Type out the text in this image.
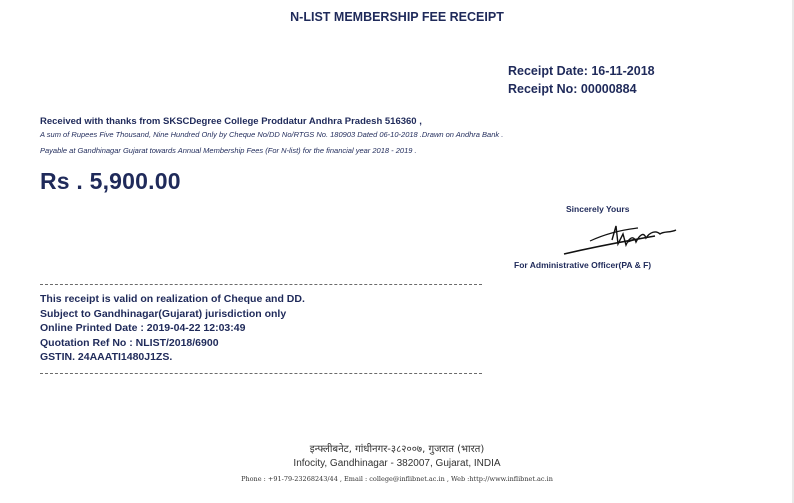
N-LIST MEMBERSHIP FEE RECEIPT
Receipt Date: 16-11-2018
Receipt No: 00000884
Received with thanks from SKSCDegree College Proddatur Andhra Pradesh 516360 ,
A sum of Rupees Five Thousand, Nine Hundred Only by Cheque No/DD No/RTGS No. 180903 Dated 06-10-2018 .Drawn on Andhra Bank .
Payable at Gandhinagar Gujarat towards Annual Membership Fees (For N-list) for the financial year 2018 - 2019 .
Rs . 5,900.00
Sincerely Yours
For Administrative Officer(PA & F)
This receipt is valid on realization of Cheque and DD.
Subject to Gandhinagar(Gujarat) jurisdiction only
Online Printed Date : 2019-04-22 12:03:49
Quotation Ref No : NLIST/2018/6900
GSTIN. 24AAATI1480J1ZS.
इन्फ्लीबनेट, गांधीनगर-३८२००७, गुजरात (भारत)
Infocity, Gandhinagar - 382007, Gujarat, INDIA
Phone : +91-79-23268243/44 , Email : college@inflibnet.ac.in , Web :http://www.inflibnet.ac.in
